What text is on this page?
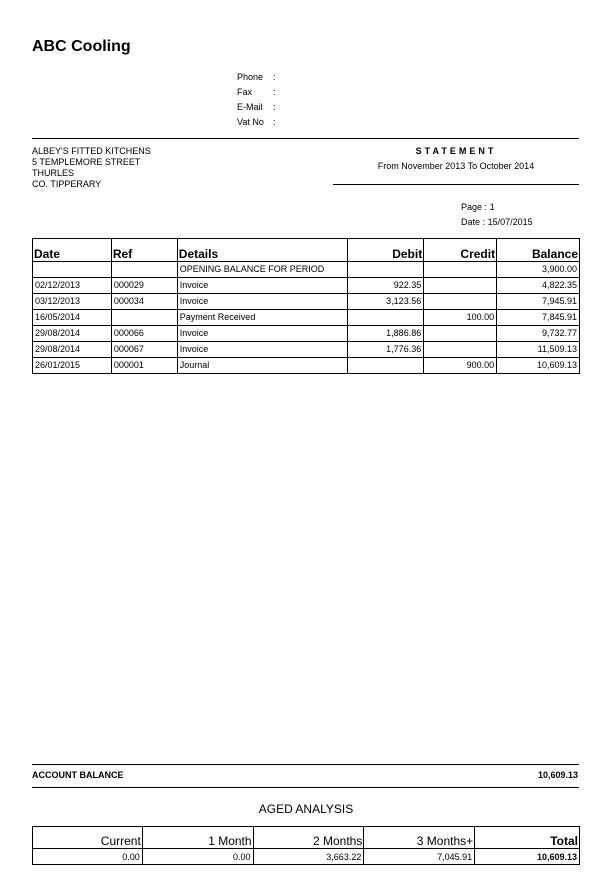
ABC Cooling
Phone	:
Fax	:
E-Mail	:
Vat No	:
ALBEY'S FITTED KITCHENS
5 TEMPLEMORE STREET
THURLES
CO. TIPPERARY
STATEMENT
From November 2013 To October 2014
Page : 1
Date : 15/07/2015
Date	Ref	Details	Debit	Credit	Balance
		OPENING BALANCE FOR PERIOD			3,900.00
02/12/2013	000029	Invoice	922.35		4,822.35
03/12/2013	000034	Invoice	3,123.56		7,945.91
16/05/2014		Payment Received		100.00	7,845.91
29/08/2014	000066	Invoice	1,886.86		9,732.77
29/08/2014	000067	Invoice	1,776.36		11,509.13
26/01/2015	000001	Journal		900.00	10,609.13
ACCOUNT BALANCE	10,609.13
AGED ANALYSIS
Current	1 Month	2 Months	3 Months+	Total
0.00	0.00	3,663.22	7,045.91	10,609.13
